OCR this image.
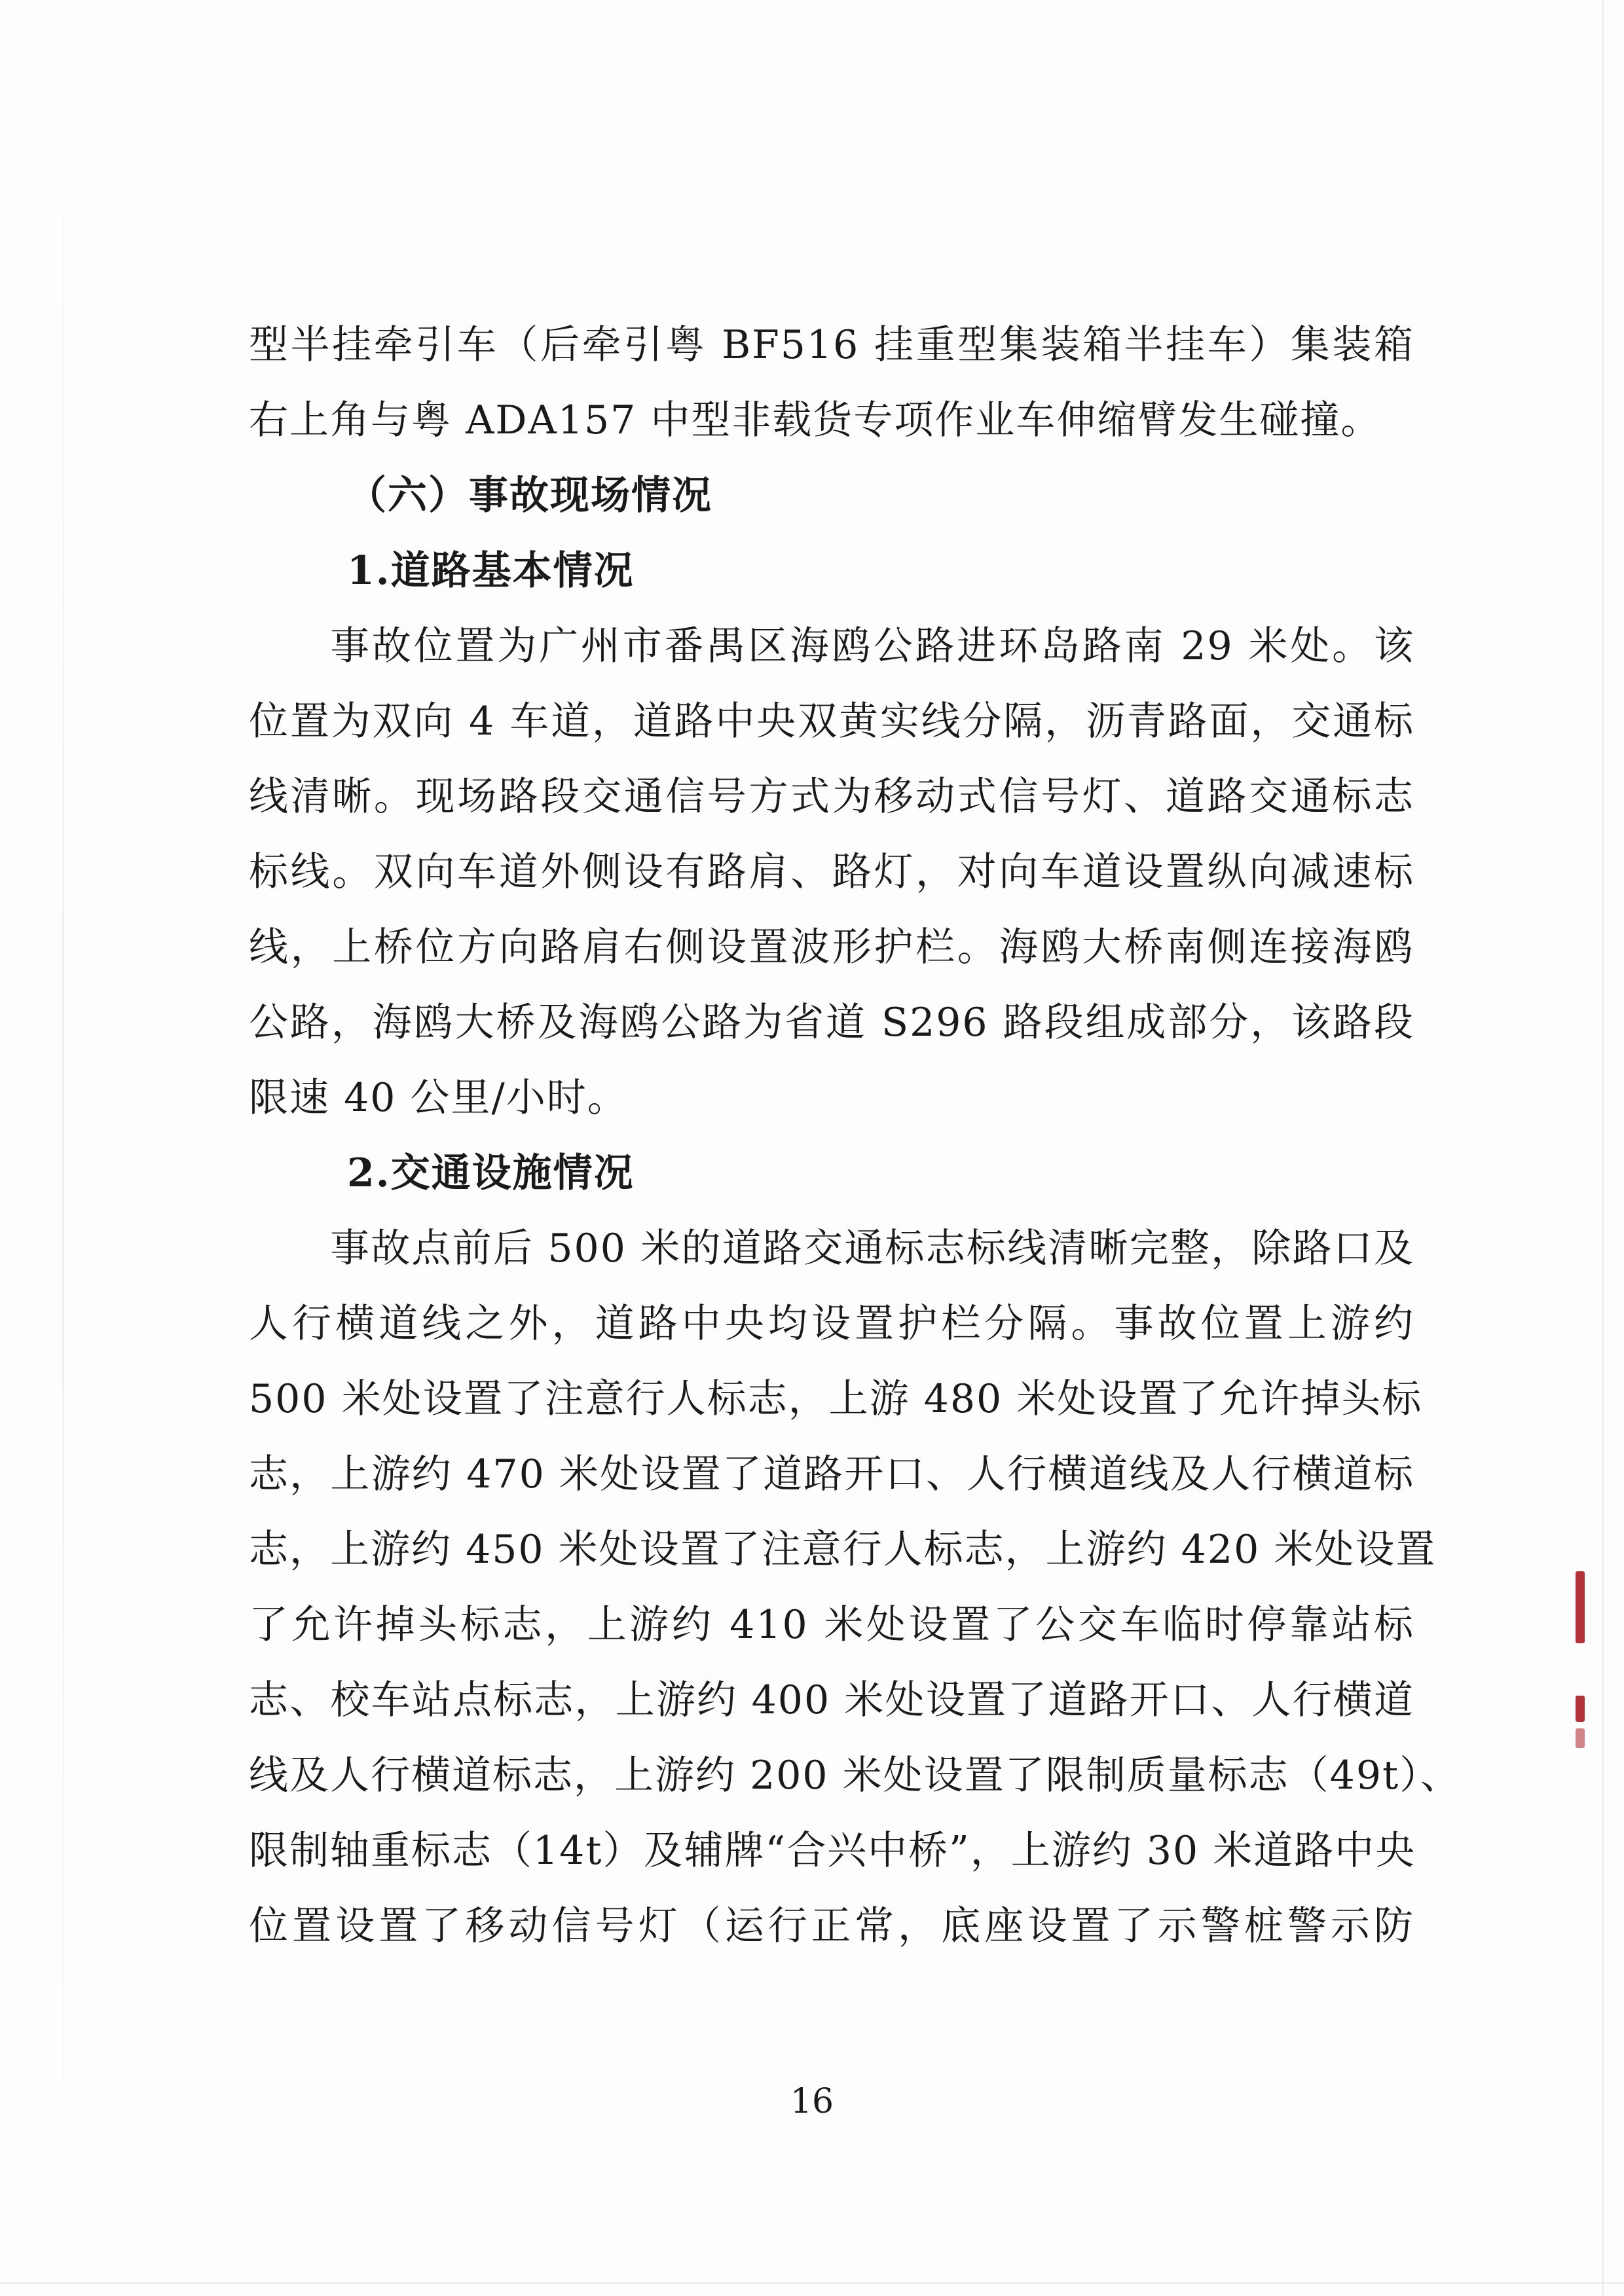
型半挂牵引车（后牵引粤 BF516 挂重型集装箱半挂车）集装箱

右上角与粤 ADA157 中型非载货专项作业车伸缩臂发生碰撞。

（六）事故现场情况

1.道路基本情况

事故位置为广州市番禺区海鸥公路进环岛路南 29 米处。该

位置为双向 4 车道，道路中央双黄实线分隔，沥青路面，交通标

线清晰。现场路段交通信号方式为移动式信号灯、道路交通标志

标线。双向车道外侧设有路肩、路灯，对向车道设置纵向减速标

线，上桥位方向路肩右侧设置波形护栏。海鸥大桥南侧连接海鸥

公路，海鸥大桥及海鸥公路为省道 S296 路段组成部分，该路段

限速 40 公里/小时。

2.交通设施情况

事故点前后 500 米的道路交通标志标线清晰完整，除路口及

人行横道线之外，道路中央均设置护栏分隔。事故位置上游约

500 米处设置了注意行人标志，上游 480 米处设置了允许掉头标

志，上游约 470 米处设置了道路开口、人行横道线及人行横道标

志，上游约 450 米处设置了注意行人标志，上游约 420 米处设置

了允许掉头标志，上游约 410 米处设置了公交车临时停靠站标

志、校车站点标志，上游约 400 米处设置了道路开口、人行横道

线及人行横道标志，上游约 200 米处设置了限制质量标志（49t）、

限制轴重标志（14t）及辅牌“合兴中桥”，上游约 30 米道路中央

位置设置了移动信号灯（运行正常，底座设置了示警桩警示防

16
